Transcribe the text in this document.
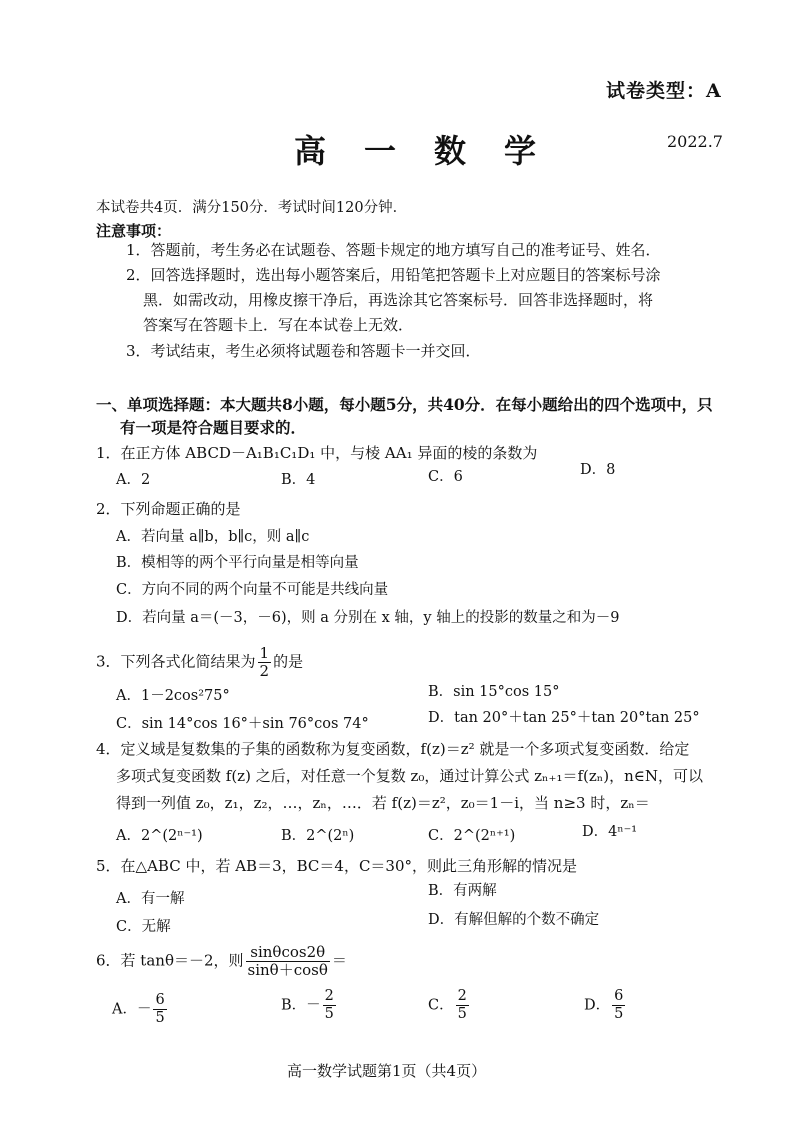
试卷类型：A
高一数学	2022.7
本试卷共4页．满分150分．考试时间120分钟．
注意事项：
1．答题前，考生务必在试题卷、答题卡规定的地方填写自己的准考证号、姓名．
2．回答选择题时，选出每小题答案后，用铅笔把答题卡上对应题目的答案标号涂
黑．如需改动，用橡皮擦干净后，再选涂其它答案标号．回答非选择题时，将
答案写在答题卡上．写在本试卷上无效．
3．考试结束，考生必须将试题卷和答题卡一并交回．
一、单项选择题：本大题共8小题，每小题5分，共40分．在每小题给出的四个选项中，只
有一项是符合题目要求的．
1．在正方体 ABCD－A₁B₁C₁D₁ 中，与棱 AA₁ 异面的棱的条数为
A．2	B．4	C．6	D．8
2．下列命题正确的是
A．若向量 a∥b，b∥c，则 a∥c
B．模相等的两个平行向量是相等向量
C．方向不同的两个向量不可能是共线向量
D．若向量 a＝(－3，－6)，则 a 分别在 x 轴，y 轴上的投影的数量之和为－9
3．下列各式化简结果为 $\frac{1}{2}$ 的是
A．1－2cos²75°	B．sin 15°cos 15°
C．sin 14°cos 16°＋sin 76°cos 74°	D．tan 20°＋tan 25°＋tan 20°tan 25°
4．定义域是复数集的子集的函数称为复变函数，f(z)＝z² 就是一个多项式复变函数．给定
多项式复变函数 f(z) 之后，对任意一个复数 z₀，通过计算公式 zₙ₊₁＝f(zₙ)，n∈N，可以
得到一列值 z₀，z₁，z₂，…，zₙ，…．若 f(z)＝z²，z₀＝1－i，当 n≥3 时，zₙ＝
A．2^(2ⁿ⁻¹)	B．2^(2ⁿ)	C．2^(2ⁿ⁺¹)	D．4ⁿ⁻¹
5．在△ABC 中，若 AB＝3，BC＝4，C＝30°，则此三角形解的情况是
A．有一解	B．有两解
C．无解	D．有解但解的个数不确定
6．若 tanθ＝－2，则 $\frac{\sin\theta\cos 2\theta}{\sin\theta+\cos\theta}$ ＝
A．－ $\frac{6}{5}$	B．－ $\frac{2}{5}$	C． $\frac{2}{5}$	D． $\frac{6}{5}$
高一数学试题第1页（共4页）
